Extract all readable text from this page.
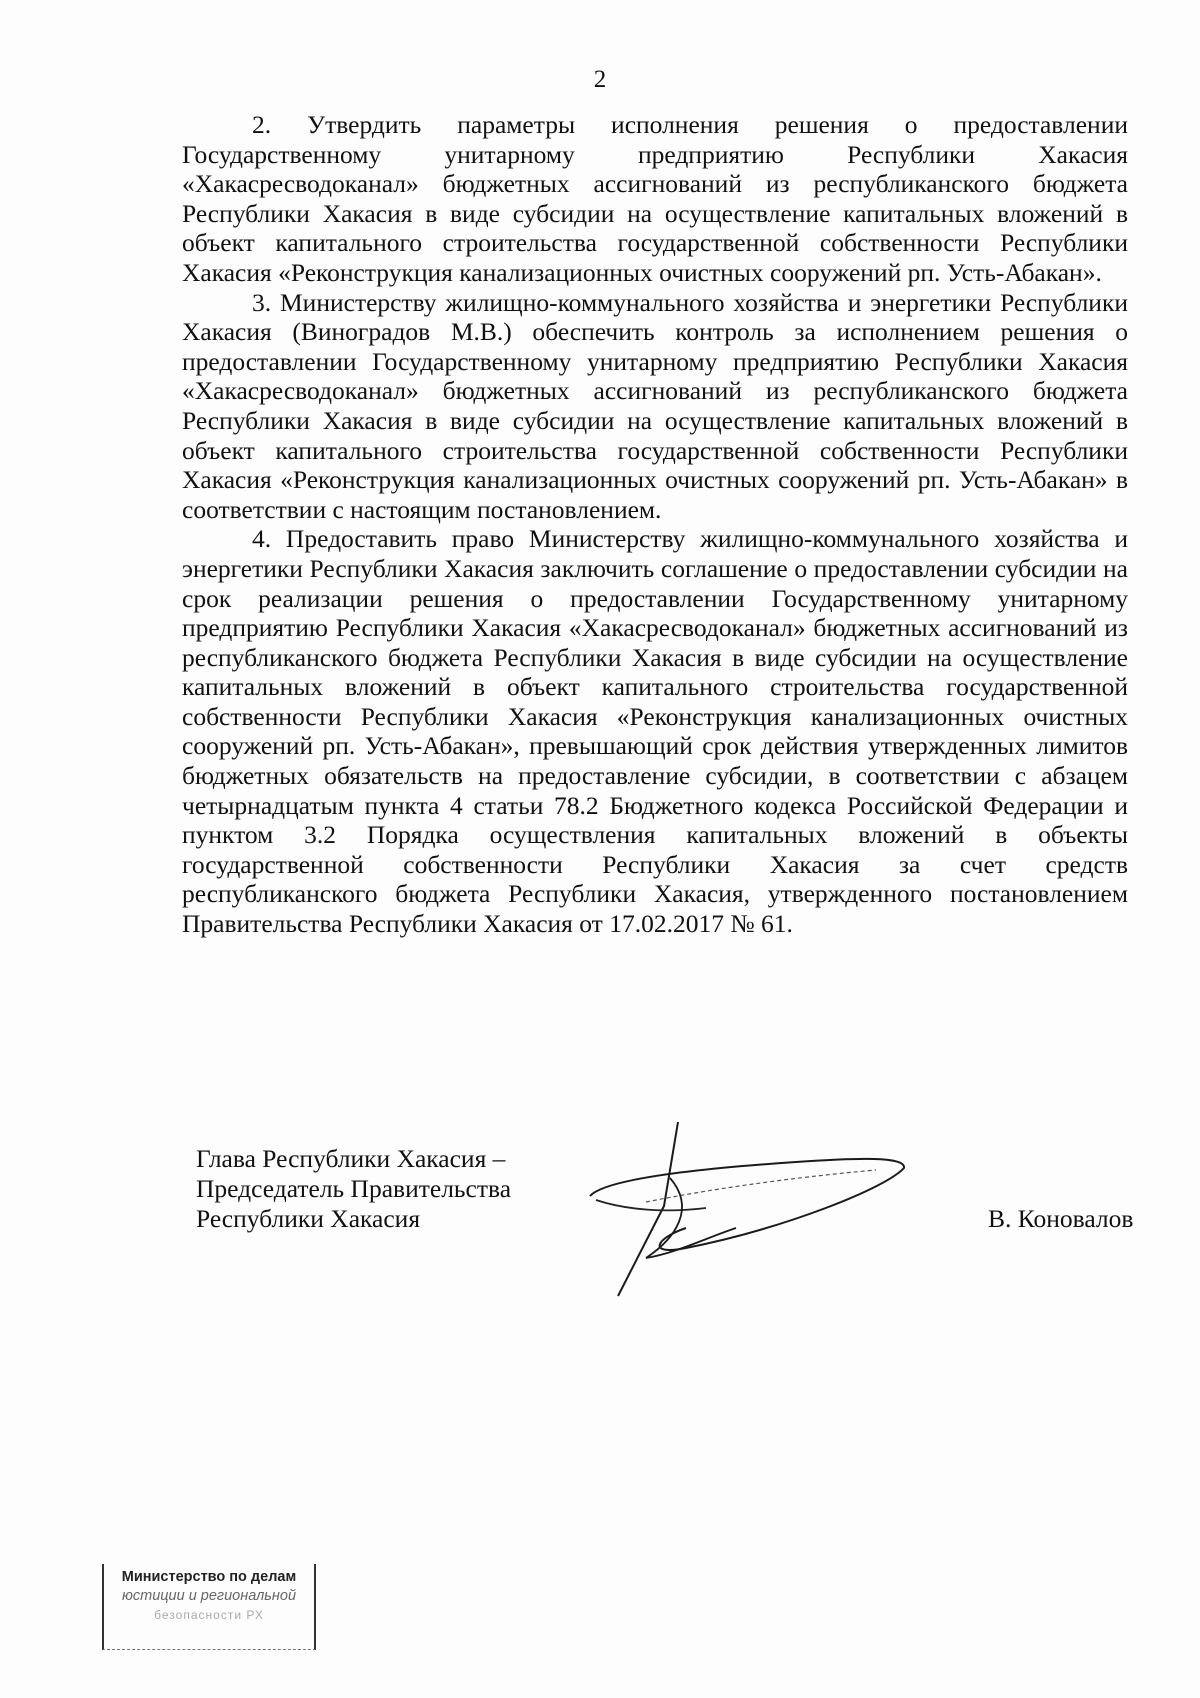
2

2. Утвердить параметры исполнения решения о предоставлении Государственному унитарному предприятию Республики Хакасия «Хакасресводоканал» бюджетных ассигнований из республиканского бюджета Республики Хакасия в виде субсидии на осуществление капитальных вложений в объект капитального строительства государственной собственности Республики Хакасия «Реконструкция канализационных очистных сооружений рп. Усть-Абакан».

3. Министерству жилищно-коммунального хозяйства и энергетики Республики Хакасия (Виноградов М.В.) обеспечить контроль за исполнением решения о предоставлении Государственному унитарному предприятию Республики Хакасия «Хакасресводоканал» бюджетных ассигнований из республиканского бюджета Республики Хакасия в виде субсидии на осуществление капитальных вложений в объект капитального строительства государственной собственности Республики Хакасия «Реконструкция канализационных очистных сооружений рп. Усть-Абакан» в соответствии с настоящим постановлением.

4. Предоставить право Министерству жилищно-коммунального хозяйства и энергетики Республики Хакасия заключить соглашение о предоставлении субсидии на срок реализации решения о предоставлении Государственному унитарному предприятию Республики Хакасия «Хакасресводоканал» бюджетных ассигнований из республиканского бюджета Республики Хакасия в виде субсидии на осуществление капитальных вложений в объект капитального строительства государственной собственности Республики Хакасия «Реконструкция канализационных очистных сооружений рп. Усть-Абакан», превышающий срок действия утвержденных лимитов бюджетных обязательств на предоставление субсидии, в соответствии с абзацем четырнадцатым пункта 4 статьи 78.2 Бюджетного кодекса Российской Федерации и пунктом 3.2 Порядка осуществления капитальных вложений в объекты государственной собственности Республики Хакасия за счет средств республиканского бюджета Республики Хакасия, утвержденного постановлением Правительства Республики Хакасия от 17.02.2017 № 61.

Глава Республики Хакасия –
Председатель Правительства
Республики Хакасия	В. Коновалов
Министерство по делам
юстиции и региональной
безопасности РХ
